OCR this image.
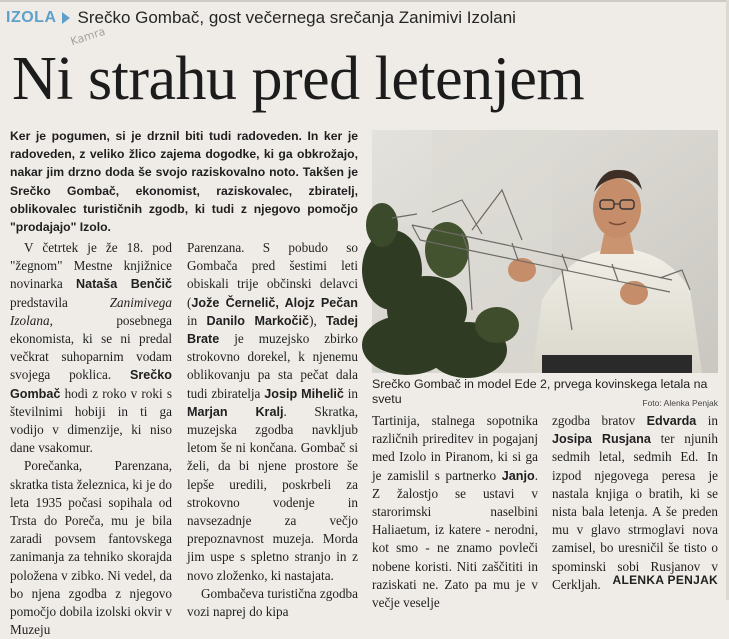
IZOLA Srečko Gombač, gost večernega srečanja Zanimivi Izolani
Kamra
Ni strahu pred letenjem

Ker je pogumen, si je drznil biti tudi radoveden. In ker je radoveden, z veliko žlico zajema dogodke, ki ga obkrožajo, nakar jim drzno doda še svojo raziskovalno noto. Takšen je Srečko Gombač, ekonomist, raziskovalec, zbiratelj, oblikovalec turističnih zgodb, ki tudi z njegovo pomočjo "prodajajo" Izolo.

V četrtek je že 18. pod "žegnom" Mestne knjižnice novinarka Nataša Benčič predstavila Zanimivega Izolana, posebnega ekonomista, ki se ni predal večkrat suhoparnim vodam svojega poklica. Srečko Gombač hodi z roko v roki s številnimi hobiji in ti ga vodijo v dimenzije, ki niso dane vsakomur.

Porečanka, Parenzana, skratka tista železnica, ki je do leta 1935 počasi sopihala od Trsta do Poreča, mu je bila zaradi povsem fantovskega zanimanja za tehniko skorajda položena v zibko. Ni vedel, da bo njena zgodba z njegovo pomočjo dobila izolski okvir v Muzeju

Parenzana. S pobudo so Gombača pred šestimi leti obiskali trije občinski delavci (Jože Černelič, Alojz Pečan in Danilo Markočič), Tadej Brate je muzejsko zbirko strokovno dorekel, k njenemu oblikovanju pa sta pečat dala tudi zbiratelja Josip Mihelič in Marjan Kralj. Skratka, muzejska zgodba navkljub letom še ni končana. Gombač si želi, da bi njene prostore še lepše uredili, poskrbeli za strokovno vodenje in navsezadnje za večjo prepoznavnost muzeja. Morda jim uspe s spletno stranjo in z novo zloženko, ki nastajata.

Gombačeva turistična zgodba vozi naprej do kipa

Srečko Gombač in model Ede 2, prvega kovinskega letala na svetu	Foto: Alenka Penjak

Tartinija, stalnega sopotnika različnih prireditev in pogajanj med Izolo in Piranom, ki si ga je zamislil s partnerko Janjo. Z žalostjo se ustavi v starorimski naselbini Haliaetum, iz katere - nerodni, kot smo - ne znamo povleči nobene koristi. Niti zaščititi in raziskati ne. Zato pa mu je v večje veselje

zgodba bratov Edvarda in Josipa Rusjana ter njunih sedmih letal, sedmih Ed. In izpod njegovega peresa je nastala knjiga o bratih, ki se nista bala letenja. A še preden mu v glavo strmoglavi nova zamisel, bo uresničil še tisto o spominski sobi Rusjanov v Cerkljah. ALENKA PENJAK
